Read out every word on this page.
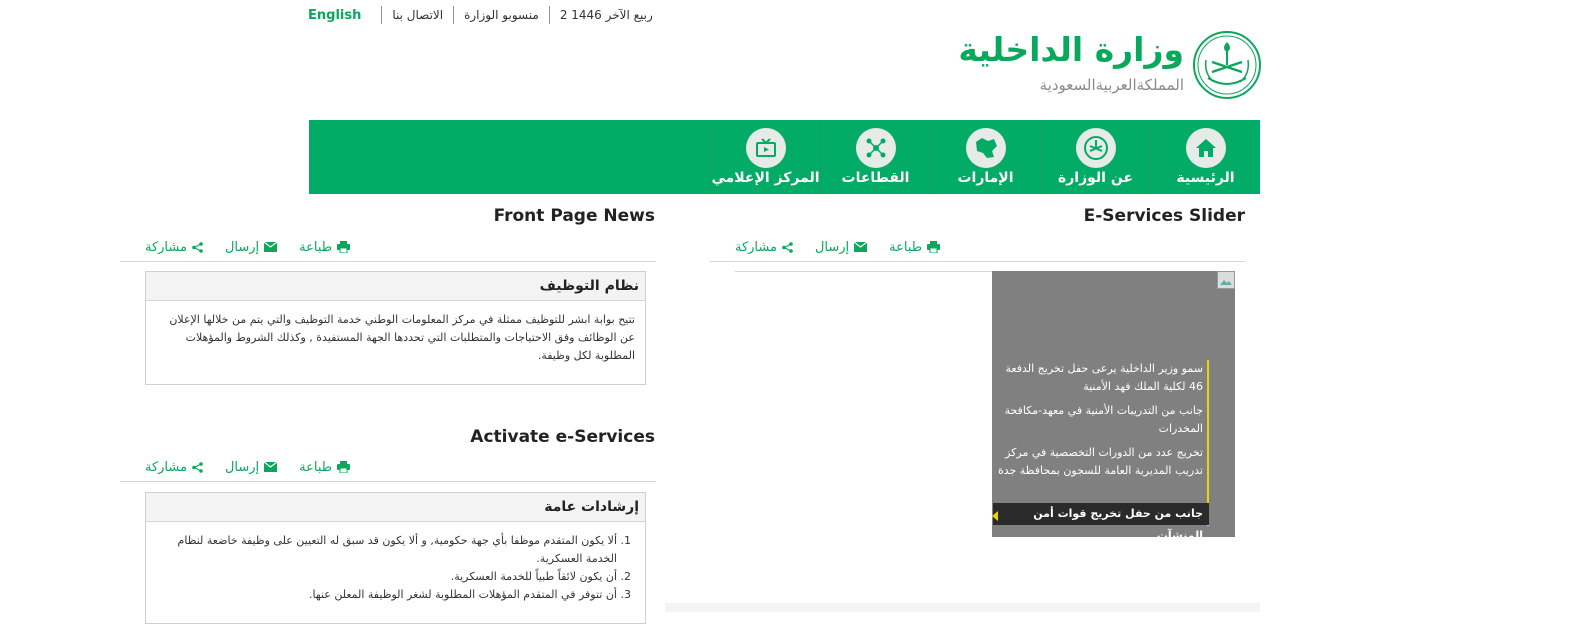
English	الاتصال بنا منسوبو الوزارة 2 ربيع الآخر 1446
وزارة الداخلية
المملكةالعربيةالسعودية
الرئيسية
عن الوزارة
الإمارات
القطاعات
المركز الإعلامي
E-Services Slider
مشاركة	إرسال	طباعة
سمو وزير الداخلية يرعى حفل تخريج الدفعة 46 لكلية الملك فهد الأمنية
جانب من التدريبات الأمنية في معهد-مكافحة المخدرات
تخريج عدد من الدورات التخصصية في مركز تدريب المديرية العامة للسجون بمحافظة جدة
جانب من حفل تخريج قوات أمن المنشآت
Front Page News
مشاركة	إرسال	طباعة
نظام التوظيف
تتيح بوابة ابشر للتوظيف ممثلة في مركز المعلومات الوطني خدمة التوظيف والتي يتم من خلالها الإعلان عن الوظائف وفق الاحتياجات والمتطلبات التي تحددها الجهة المستفيدة , وكذلك الشروط والمؤهلات المطلوبة لكل وظيفة.
Activate e-Services
مشاركة	إرسال	طباعة
إرشادات عامة
1. ألا يكون المتقدم موظفا بأي جهة حكومية, و ألا يكون قد سبق له التعيين على وظيفة خاضعة لنظام الخدمة العسكرية.
2. أن يكون لائقاً طبياً للخدمة العسكرية.
3. أن تتوفر في المتقدم المؤهلات المطلوبة لشغر الوظيفة المعلن عنها.
